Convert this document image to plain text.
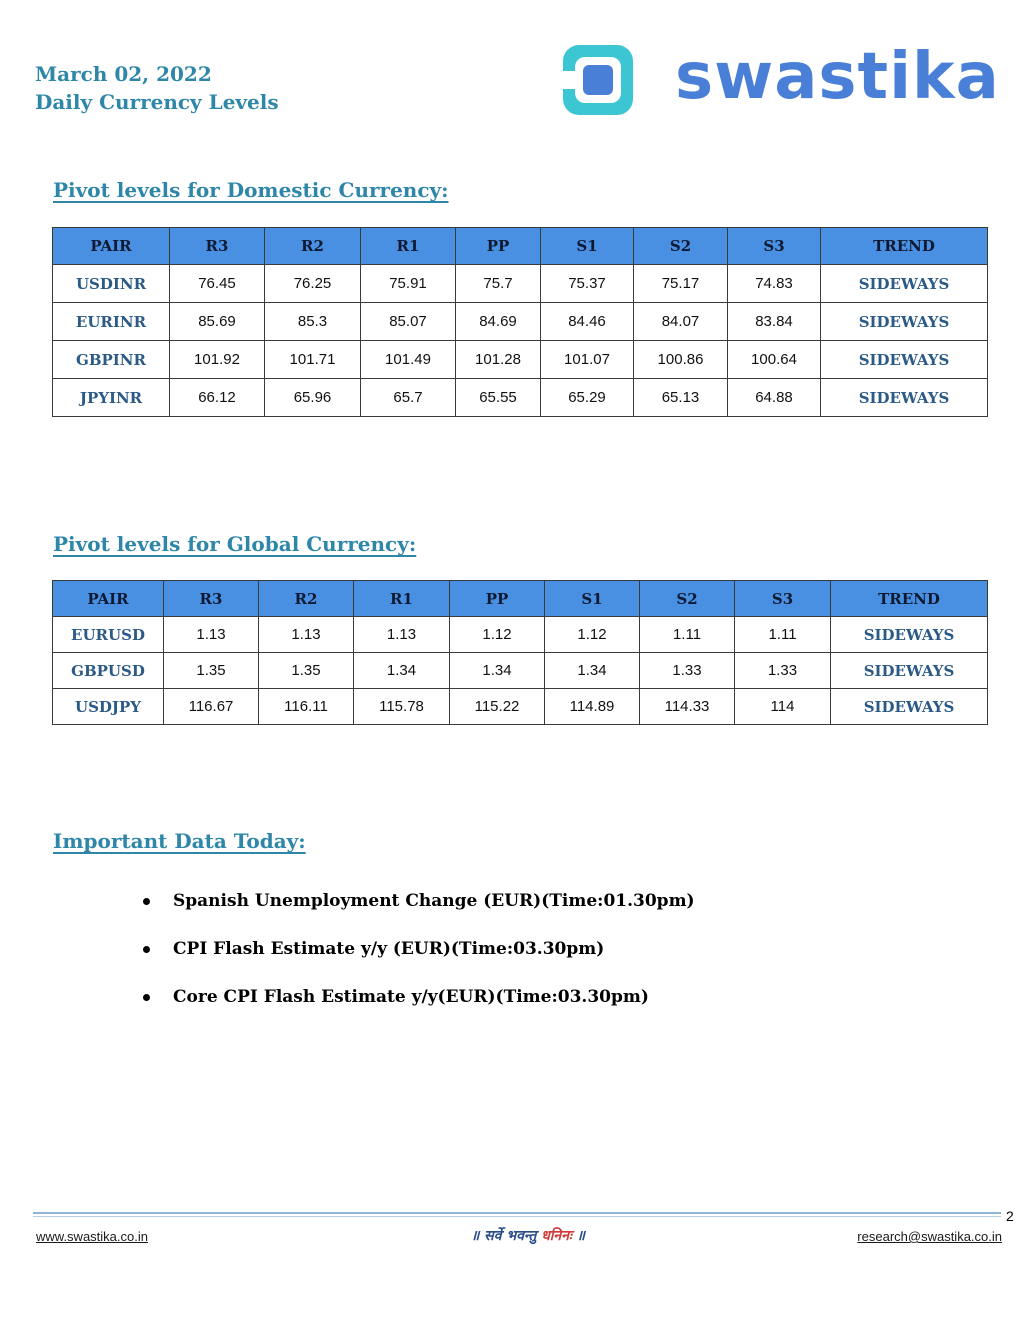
March 02, 2022
Daily Currency Levels	swastika
Pivot levels for Domestic Currency:
PAIR	R3	R2	R1	PP	S1	S2	S3	TREND
USDINR	76.45	76.25	75.91	75.7	75.37	75.17	74.83	SIDEWAYS
EURINR	85.69	85.3	85.07	84.69	84.46	84.07	83.84	SIDEWAYS
GBPINR	101.92	101.71	101.49	101.28	101.07	100.86	100.64	SIDEWAYS
JPYINR	66.12	65.96	65.7	65.55	65.29	65.13	64.88	SIDEWAYS
Pivot levels for Global Currency:
PAIR	R3	R2	R1	PP	S1	S2	S3	TREND
EURUSD	1.13	1.13	1.13	1.12	1.12	1.11	1.11	SIDEWAYS
GBPUSD	1.35	1.35	1.34	1.34	1.34	1.33	1.33	SIDEWAYS
USDJPY	116.67	116.11	115.78	115.22	114.89	114.33	114	SIDEWAYS
Important Data Today:
Spanish Unemployment Change (EUR)(Time:01.30pm)
CPI Flash Estimate y/y (EUR)(Time:03.30pm)
Core CPI Flash Estimate y/y(EUR)(Time:03.30pm)
2
www.swastika.co.in	॥ सर्वे भवन्तु धनिनः ॥	research@swastika.co.in
